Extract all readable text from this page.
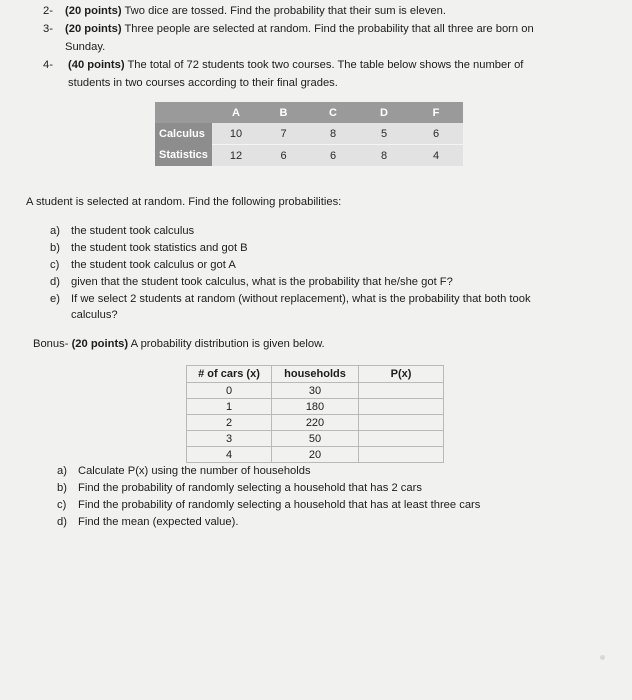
2- (20 points) Two dice are tossed. Find the probability that their sum is eleven.
3- (20 points) Three people are selected at random. Find the probability that all three are born on
Sunday.
4- (40 points) The total of 72 students took two courses. The table below shows the number of
students in two courses according to their final grades.
	A	B	C	D	F
Calculus	10	7	8	5	6
Statistics	12	6	6	8	4
A student is selected at random. Find the following probabilities:
a) the student took calculus
b) the student took statistics and got B
c) the student took calculus or got A
d) given that the student took calculus, what is the probability that he/she got F?
e) If we select 2 students at random (without replacement), what is the probability that both took
calculus?
Bonus- (20 points) A probability distribution is given below.
# of cars (x)	households	P(x)
0	30	
1	180	
2	220	
3	50	
4	20	
a) Calculate P(x) using the number of households
b) Find the probability of randomly selecting a household that has 2 cars
c) Find the probability of randomly selecting a household that has at least three cars
d) Find the mean (expected value).
